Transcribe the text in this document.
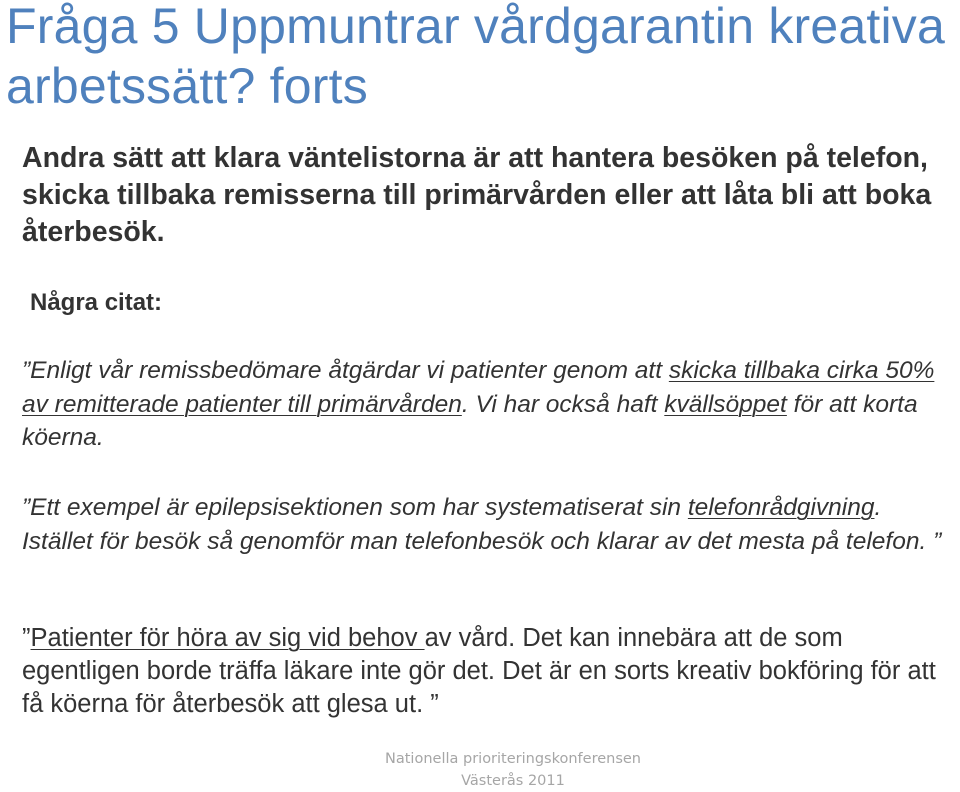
Fråga 5 Uppmuntrar vårdgarantin kreativa arbetssätt? forts

Andra sätt att klara väntelistorna är att hantera besöken på telefon, skicka tillbaka remisserna till primärvården eller att låta bli att boka återbesök.

Några citat:

”Enligt vår remissbedömare åtgärdar vi patienter genom att skicka tillbaka cirka 50% av remitterade patienter till primärvården. Vi har också haft kvällsöppet för att korta köerna.

”Ett exempel är epilepsisektionen som har systematiserat sin telefonrådgivning. Istället för besök så genomför man telefonbesök och klarar av det mesta på telefon. ”

”Patienter för höra av sig vid behov av vård. Det kan innebära att de som egentligen borde träffa läkare inte gör det. Det är en sorts kreativ bokföring för att få köerna för återbesök att glesa ut. ”

Nationella prioriteringskonferensen
Västerås 2011
